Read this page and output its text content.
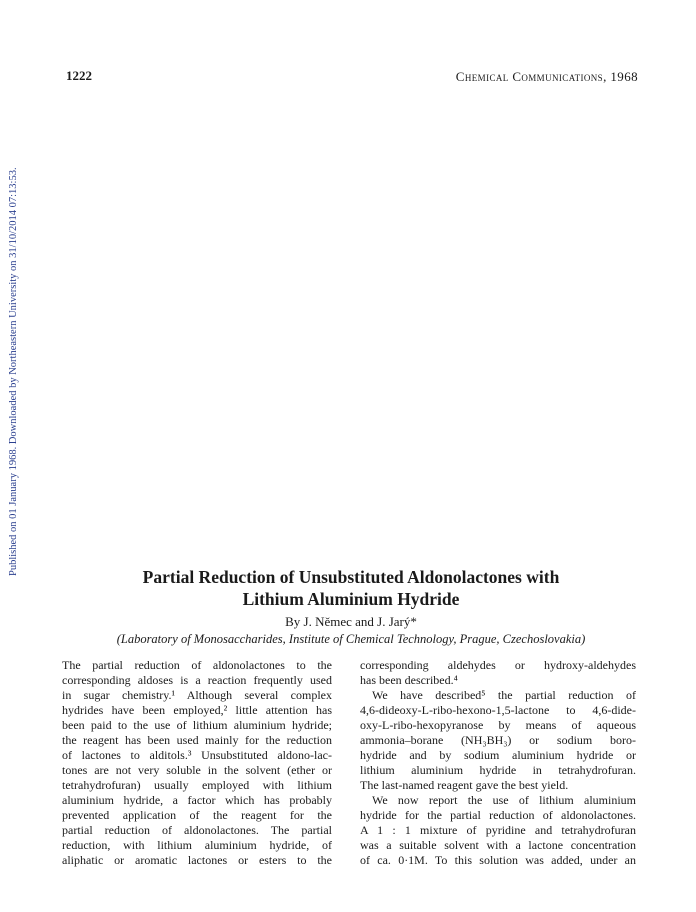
1222	Chemical Communications, 1968
Published on 01 January 1968. Downloaded by Northeastern University on 31/10/2014 07:13:53.
Partial Reduction of Unsubstituted Aldonolactones with
Lithium Aluminium Hydride
By J. Němec and J. Jarý*
(Laboratory of Monosaccharides, Institute of Chemical Technology, Prague, Czechoslovakia)
The partial reduction of aldonolactones to the
corresponding aldoses is a reaction frequently used
in sugar chemistry.¹ Although several complex
hydrides have been employed,² little attention has
been paid to the use of lithium aluminium hydride;
the reagent has been used mainly for the reduction
of lactones to alditols.³ Unsubstituted aldono-lac-
tones are not very soluble in the solvent (ether or
tetrahydrofuran) usually employed with lithium
aluminium hydride, a factor which has probably
prevented application of the reagent for the
partial reduction of aldonolactones. The partial
reduction, with lithium aluminium hydride, of
aliphatic or aromatic lactones or esters to the
corresponding aldehydes or hydroxy-aldehydes
has been described.⁴
We have described⁵ the partial reduction of
4,6-dideoxy-L-ribo-hexono-1,5-lactone to 4,6-dide-
oxy-L-ribo-hexopyranose by means of aqueous
ammonia–borane (NH₃BH₃) or sodium boro-
hydride and by sodium aluminium hydride or
lithium aluminium hydride in tetrahydrofuran.
The last-named reagent gave the best yield.
We now report the use of lithium aluminium
hydride for the partial reduction of aldonolactones.
A 1 : 1 mixture of pyridine and tetrahydrofuran
was a suitable solvent with a lactone concentration
of ca. 0·1M. To this solution was added, under an
